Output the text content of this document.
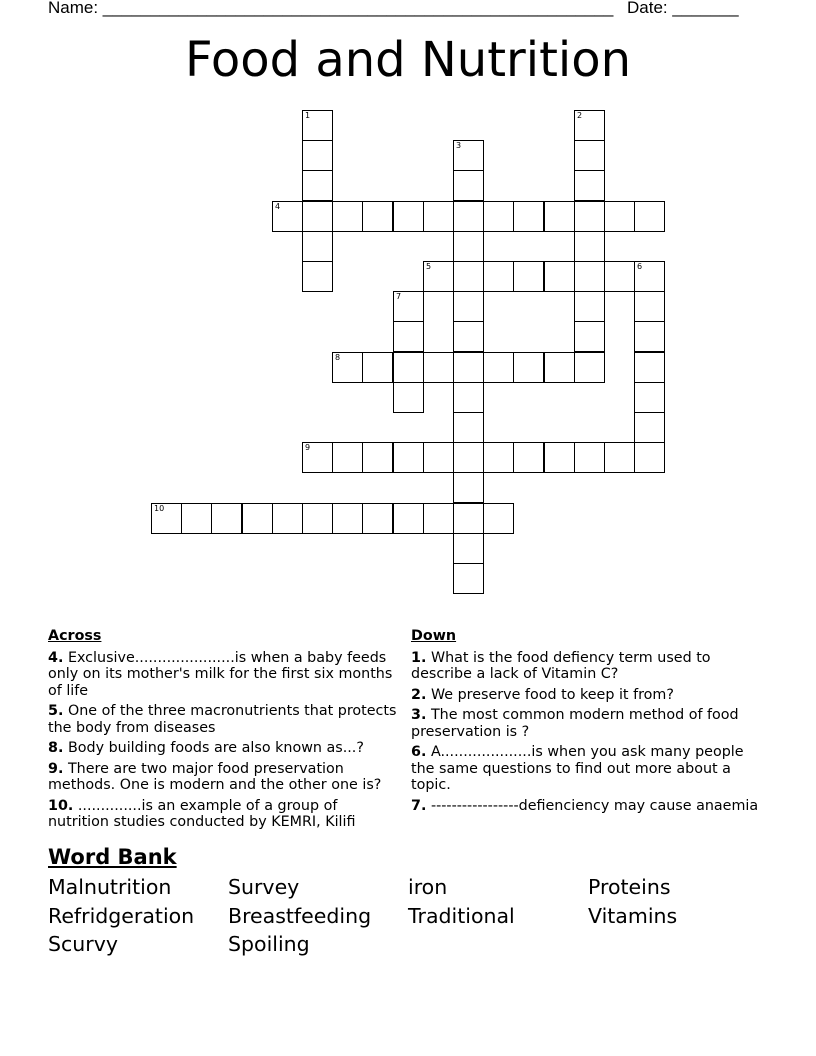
Name: ______________________________________________________ Date: _______
Food and Nutrition
1	2
3
4
5	6
7
8
9
10
Across
4. Exclusive......................is when a baby feeds only on its mother's milk for the first six months of life
5. One of the three macronutrients that protects the body from diseases
8. Body building foods are also known as...?
9. There are two major food preservation methods. One is modern and the other one is?
10. ..............is an example of a group of nutrition studies conducted by KEMRI, Kilifi
Down
1. What is the food defiency term used to describe a lack of Vitamin C?
2. We preserve food to keep it from?
3. The most common modern method of food preservation is ?
6. A....................is when you ask many people the same questions to find out more about a topic.
7. -----------------defienciency may cause anaemia
Word Bank
Malnutrition	Survey	iron	Proteins
Refridgeration	Breastfeeding	Traditional	Vitamins
Scurvy	Spoiling
